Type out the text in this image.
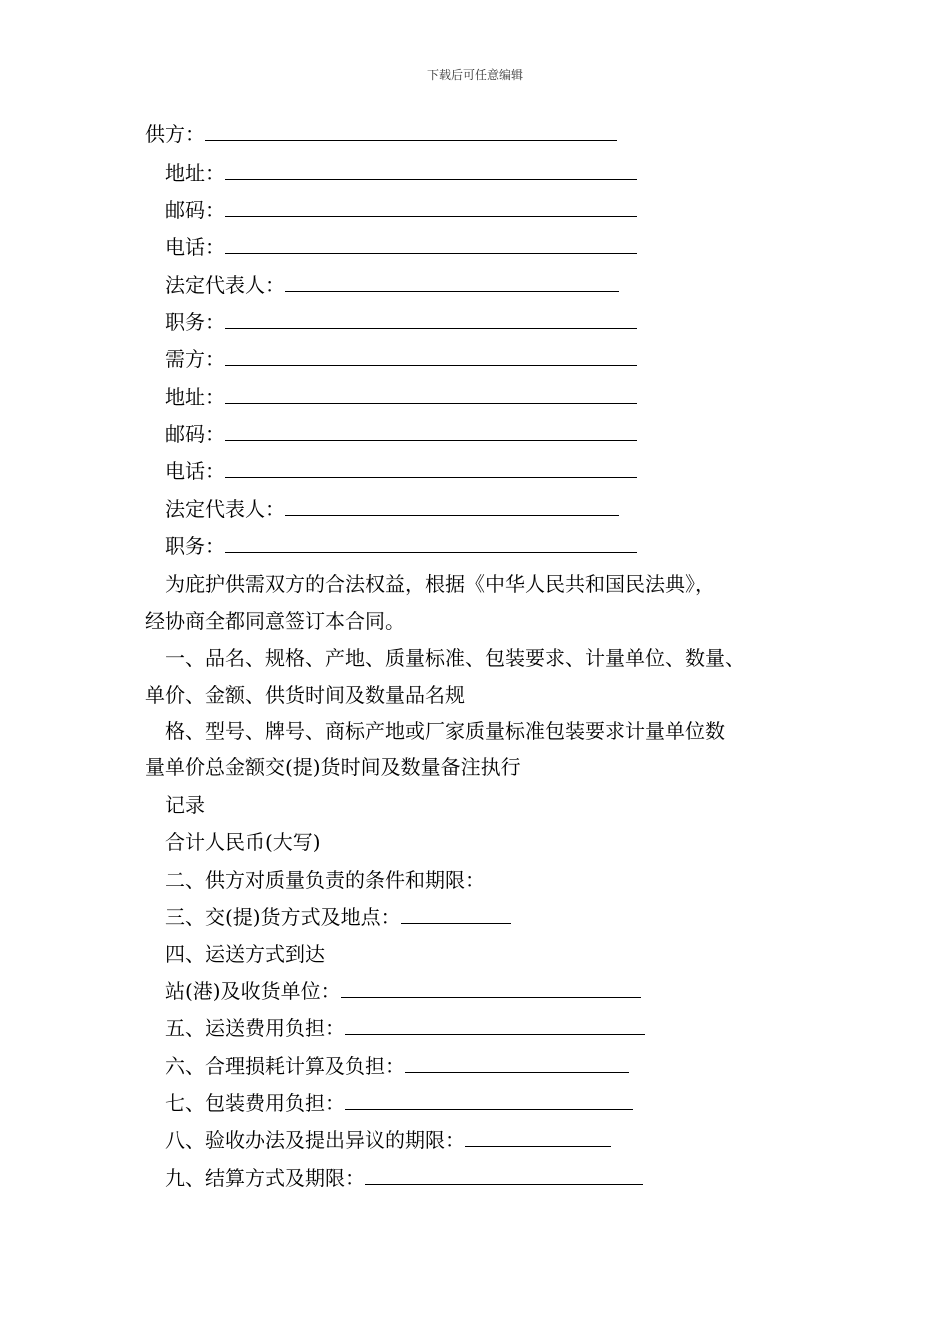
下载后可任意编辑
供方：
地址：
邮码：
电话：
法定代表人：
职务：
需方：
地址：
邮码：
电话：
法定代表人：
职务：
为庇护供需双方的合法权益，根据《中华人民共和国民法典》，
经协商全都同意签订本合同。
一、品名、规格、产地、质量标准、包装要求、计量单位、数量、
单价、金额、供货时间及数量品名规
格、型号、牌号、商标产地或厂家质量标准包装要求计量单位数
量单价总金额交(提)货时间及数量备注执行
记录
合计人民币(大写)
二、供方对质量负责的条件和期限：
三、交(提)货方式及地点：
四、运送方式到达
站(港)及收货单位：
五、运送费用负担：
六、合理损耗计算及负担：
七、包装费用负担：
八、验收办法及提出异议的期限：
九、结算方式及期限：
